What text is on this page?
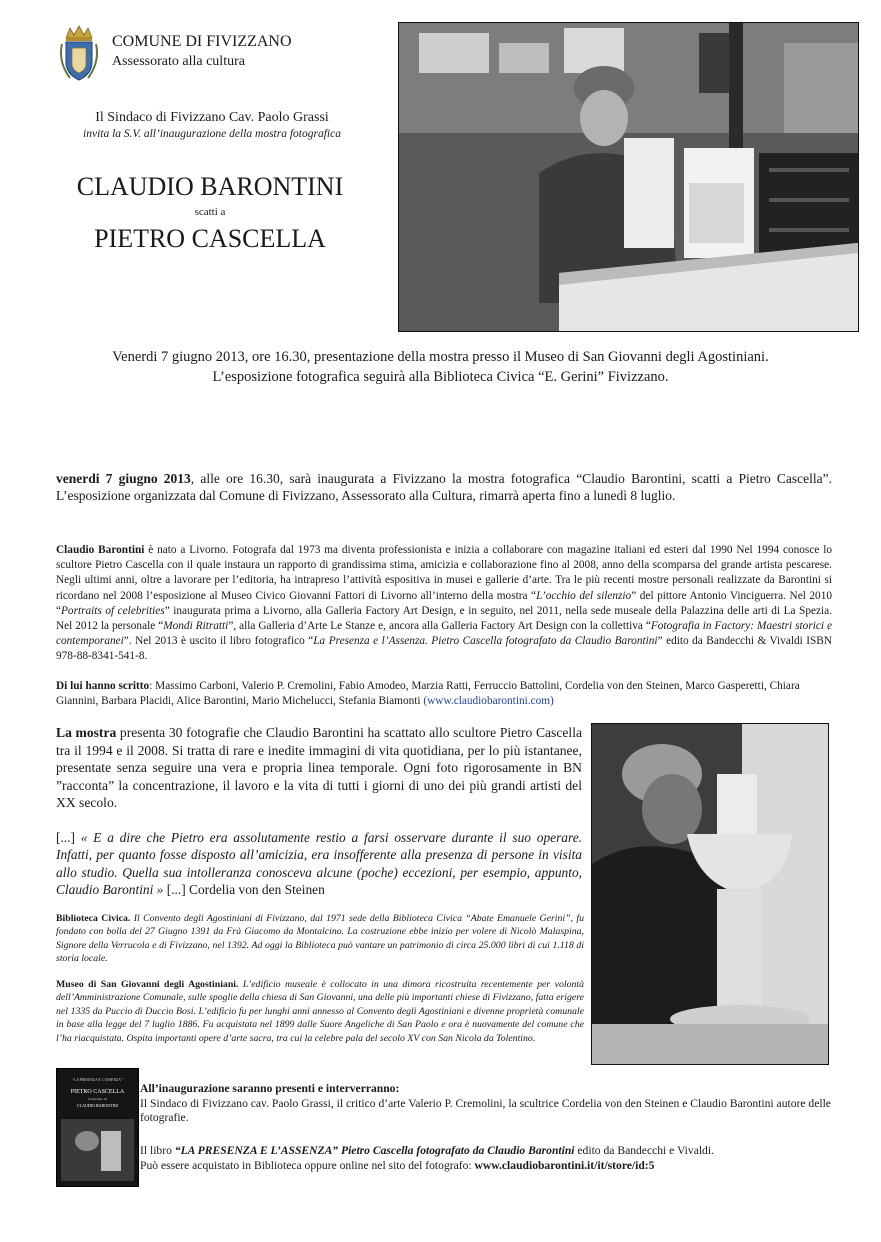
COMUNE DI FIVIZZANO
Assessorato alla cultura
Il Sindaco di Fivizzano Cav. Paolo Grassi
invita la S.V. all’inaugurazione della mostra fotografica
CLAUDIO BARONTINI
scatti a
PIETRO CASCELLA
Venerdi 7 giugno 2013, ore 16.30, presentazione della mostra presso il Museo di San Giovanni degli Agostiniani.
L’esposizione fotografica seguirà alla Biblioteca Civica “E. Gerini” Fivizzano.
venerdi 7 giugno 2013, alle ore 16.30, sarà inaugurata a Fivizzano la mostra fotografica “Claudio Barontini, scatti a Pietro Cascella”. L’esposizione organizzata dal Comune di Fivizzano, Assessorato alla Cultura, rimarrà aperta fino a lunedì 8 luglio.
Claudio Barontini è nato a Livorno. Fotografa dal 1973 ma diventa professionista e inizia a collaborare con magazine italiani ed esteri dal 1990 Nel 1994 conosce lo scultore Pietro Cascella con il quale instaura un rapporto di grandissima stima, amicizia e collaborazione fino al 2008, anno della scomparsa del grande artista pescarese. Negli ultimi anni, oltre a lavorare per l’editoria, ha intrapreso l’attività espositiva in musei e gallerie d’arte. Tra le più recenti mostre personali realizzate da Barontini si ricordano nel 2008 l’esposizione al Museo Civico Giovanni Fattori di Livorno all’interno della mostra “L’occhio del silenzio” del pittore Antonio Vinciguerra. Nel 2010 “Portraits of celebrities” inaugurata prima a Livorno, alla Galleria Factory Art Design, e in seguito, nel 2011, nella sede museale della Palazzina delle arti di La Spezia. Nel 2012 la personale “Mondi Ritratti”, alla Galleria d’Arte Le Stanze e, ancora alla Galleria Factory Art Design con la collettiva “Fotografia in Factory: Maestri storici e contemporanei”. Nel 2013 è uscito il libro fotografico “La Presenza e l’Assenza. Pietro Cascella fotografato da Claudio Barontini” edito da Bandecchi & Vivaldi ISBN 978-88-8341-541-8.
Di lui hanno scritto: Massimo Carboni, Valerio P. Cremolini, Fabio Amodeo, Marzia Ratti, Ferruccio Battolini, Cordelia von den Steinen, Marco Gasperetti, Chiara Giannini, Barbara Placidi, Alice Barontini, Mario Michelucci, Stefania Biamonti (www.claudiobarontini.com)
La mostra presenta 30 fotografie che Claudio Barontini ha scattato allo scultore Pietro Cascella tra il 1994 e il 2008. Si tratta di rare e inedite immagini di vita quotidiana, per lo più istantanee, presentate senza seguire una vera e propria linea temporale. Ogni foto rigorosamente in BN ”racconta” la concentrazione, il lavoro e la vita di tutti i giorni di uno dei più grandi artisti del XX secolo.
[...] « E a dire che Pietro era assolutamente restio a farsi osservare durante il suo operare. Infatti, per quanto fosse disposto all’amicizia, era insofferente alla presenza di persone in visita allo studio. Quella sua intolleranza conosceva alcune (poche) eccezioni, per esempio, appunto, Claudio Barontini » [...] Cordelia von den Steinen
Biblioteca Civica. Il Convento degli Agostiniani di Fivizzano, dal 1971 sede della Biblioteca Civica “Abate Emanuele Gerini”, fu fondato con bolla del 27 Giugno 1391 da Frà Giacomo da Montalcino. La costruzione ebbe inizio per volere di Nicolò Malaspina, Signore della Verrucola e di Fivizzano, nel 1392. Ad oggi la Biblioteca può vantare un patrimonio di circa 25.000 libri di cui 1.118 di storia locale.
Museo di San Giovanni degli Agostiniani. L’edificio museale è collocato in una dimora ricostruita recentemente per volontà dell’Amministrazione Comunale, sulle spoglie della chiesa di San Giovanni, una delle più importanti chiese di Fivizzano, fatta erigere nel 1335 da Puccio di Duccio Bosi. L’edificio fu per lunghi anni annesso al Convento degli Agostiniani e divenne proprietà comunale in base alla legge del 7 luglio 1886. Fu acquistata nel 1899 dalle Suore Angeliche di San Paolo e ora è nuovamente del comune che l’ha riacquistata. Ospita importanti opere d’arte sacra, tra cui la celebre pala del secolo XV con San Nicola da Tolentino.
“LA PRESENZA E L’ASSENZA”
PIETRO CASCELLA
fotografato da
CLAUDIO BARONTINI
All’inaugurazione saranno presenti e interverranno:
Il Sindaco di Fivizzano cav. Paolo Grassi, il critico d’arte Valerio P. Cremolini, la scultrice Cordelia von den Steinen e Claudio Barontini autore delle fotografie.
Il libro “LA PRESENZA E L’ASSENZA” Pietro Cascella fotografato da Claudio Barontini edito da Bandecchi e Vivaldi.
Può essere acquistato in Biblioteca oppure online nel sito del fotografo: www.claudiobarontini.it/it/store/id:5
